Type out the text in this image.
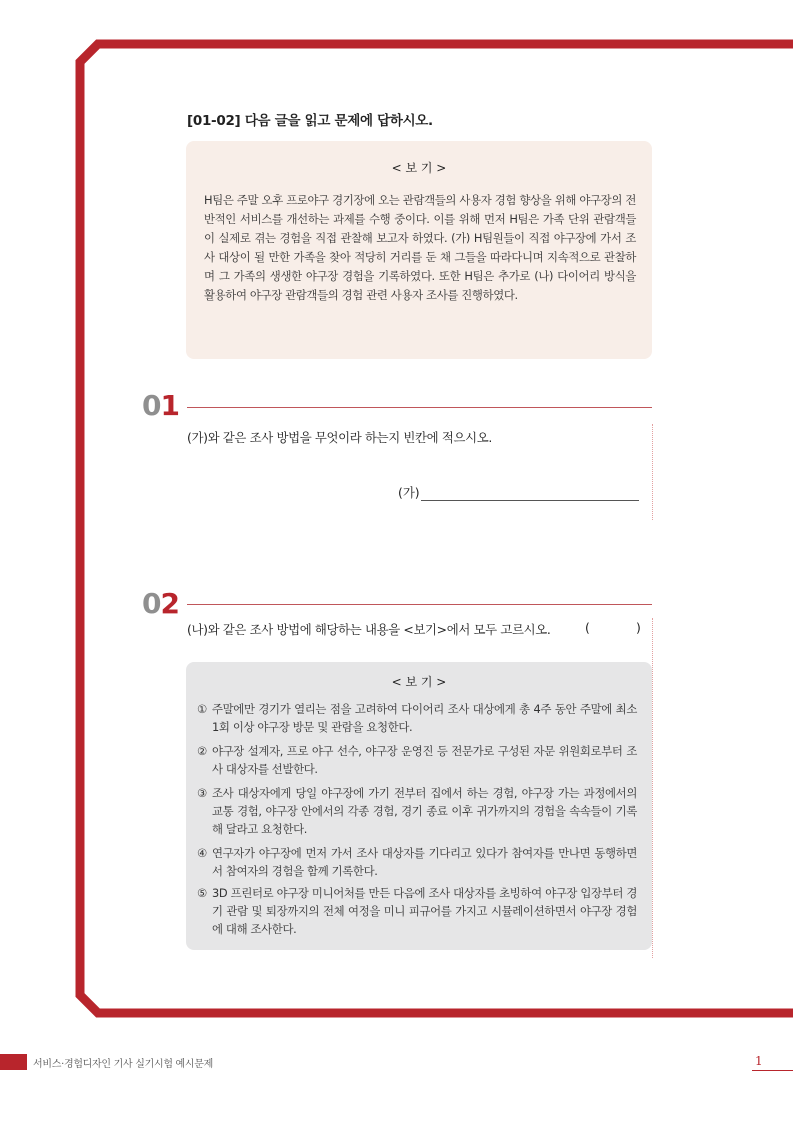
[01-02] 다음 글을 읽고 문제에 답하시오.
< 보 기 >
H팀은 주말 오후 프로야구 경기장에 오는 관람객들의 사용자 경험 향상을 위해 야구장의 전반적인 서비스를 개선하는 과제를 수행 중이다. 이를 위해 먼저 H팀은 가족 단위 관람객들이 실제로 겪는 경험을 직접 관찰해 보고자 하였다. (가) H팀원들이 직접 야구장에 가서 조사 대상이 될 만한 가족을 찾아 적당히 거리를 둔 채 그들을 따라다니며 지속적으로 관찰하며 그 가족의 생생한 야구장 경험을 기록하였다. 또한 H팀은 추가로 (나) 다이어리 방식을 활용하여 야구장 관람객들의 경험 관련 사용자 조사를 진행하였다.
01
(가)와 같은 조사 방법을 무엇이라 하는지 빈칸에 적으시오.
(가)
02
(나)와 같은 조사 방법에 해당하는 내용을 <보기>에서 모두 고르시오.	(	)
< 보 기 >
① 주말에만 경기가 열리는 점을 고려하여 다이어리 조사 대상에게 총 4주 동안 주말에 최소 1회 이상 야구장 방문 및 관람을 요청한다.
② 야구장 설계자, 프로 야구 선수, 야구장 운영진 등 전문가로 구성된 자문 위원회로부터 조사 대상자를 선발한다.
③ 조사 대상자에게 당일 야구장에 가기 전부터 집에서 하는 경험, 야구장 가는 과정에서의 교통 경험, 야구장 안에서의 각종 경험, 경기 종료 이후 귀가까지의 경험을 속속들이 기록해 달라고 요청한다.
④ 연구자가 야구장에 먼저 가서 조사 대상자를 기다리고 있다가 참여자를 만나면 동행하면서 참여자의 경험을 함께 기록한다.
⑤ 3D 프린터로 야구장 미니어처를 만든 다음에 조사 대상자를 초빙하여 야구장 입장부터 경기 관람 및 퇴장까지의 전체 여정을 미니 피규어를 가지고 시뮬레이션하면서 야구장 경험에 대해 조사한다.
서비스·경험디자인 기사 실기시험 예시문제	1
